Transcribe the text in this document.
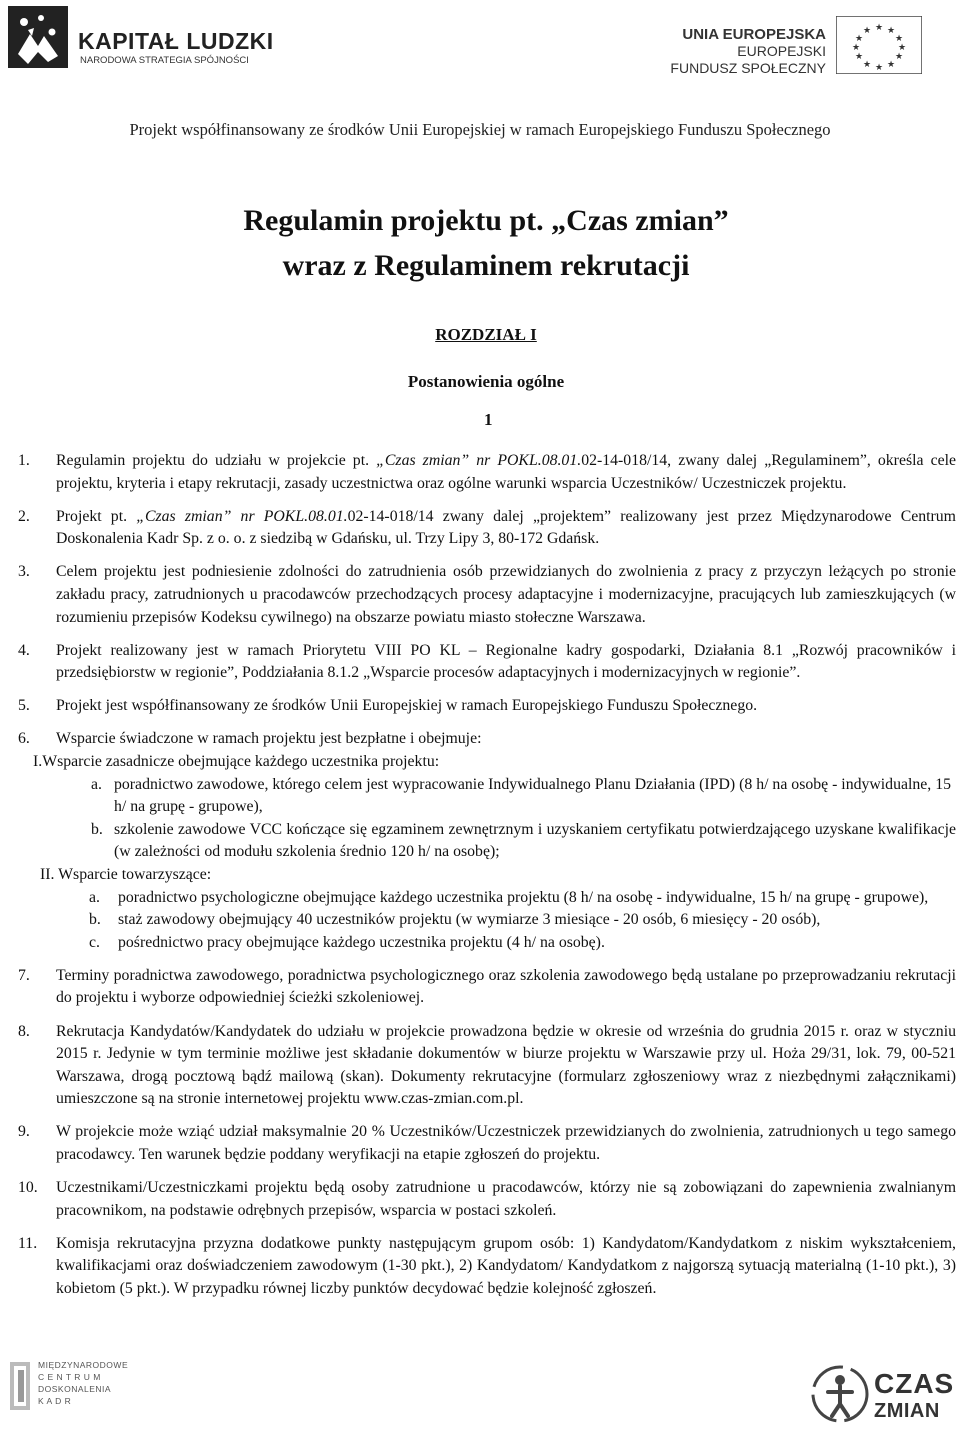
KAPITAŁ LUDZKI
NARODOWA STRATEGIA SPÓJNOŚCI
UNIA EUROPEJSKA
EUROPEJSKI
FUNDUSZ SPOŁECZNY
★ ★
★
★
★
★
★
★
★
★
★
★
Projekt współfinansowany ze środków Unii Europejskiej w ramach Europejskiego Funduszu Społecznego
Regulamin projektu pt. „Czas zmian”
wraz z Regulaminem rekrutacji
ROZDZIAŁ I
Postanowienia ogólne
1
1.	Regulamin projektu do udziału w projekcie pt. „Czas zmian” nr POKL.08.01.02-14-018/14, zwany dalej „Regulaminem”, określa cele projektu, kryteria i etapy rekrutacji, zasady uczestnictwa oraz ogólne warunki wsparcia Uczestników/ Uczestniczek projektu.
2.	Projekt pt. „Czas zmian” nr POKL.08.01.02-14-018/14 zwany dalej „projektem” realizowany jest przez Międzynarodowe Centrum Doskonalenia Kadr Sp. z o. o. z siedzibą w Gdańsku, ul. Trzy Lipy 3, 80-172 Gdańsk.
3.	Celem projektu jest podniesienie zdolności do zatrudnienia osób przewidzianych do zwolnienia z pracy z przyczyn leżących po stronie zakładu pracy, zatrudnionych u pracodawców przechodzących procesy adaptacyjne i modernizacyjne, pracujących lub zamieszkujących (w rozumieniu przepisów Kodeksu cywilnego) na obszarze powiatu miasto stołeczne Warszawa.
4.	Projekt realizowany jest w ramach Priorytetu VIII PO KL – Regionalne kadry gospodarki, Działania 8.1 „Rozwój pracowników i przedsiębiorstw w regionie”, Poddziałania 8.1.2 „Wsparcie procesów adaptacyjnych i modernizacyjnych w regionie”.
5.	Projekt jest współfinansowany ze środków Unii Europejskiej w ramach Europejskiego Funduszu Społecznego.
6.	Wsparcie świadczone w ramach projektu jest bezpłatne i obejmuje:
I.Wsparcie zasadnicze obejmujące każdego uczestnika projektu:
a. poradnictwo zawodowe, którego celem jest wypracowanie Indywidualnego Planu Działania (IPD) (8 h/ na osobę - indywidualne, 15 h/ na grupę - grupowe),
b. szkolenie zawodowe VCC kończące się egzaminem zewnętrznym i uzyskaniem certyfikatu potwierdzającego uzyskane kwalifikacje (w zależności od modułu szkolenia średnio 120 h/ na osobę);
II. Wsparcie towarzyszące:
a. poradnictwo psychologiczne obejmujące każdego uczestnika projektu (8 h/ na osobę - indywidualne, 15 h/ na grupę - grupowe),
b. staż zawodowy obejmujący 40 uczestników projektu (w wymiarze 3 miesiące - 20 osób, 6 miesięcy - 20 osób),
c. pośrednictwo pracy obejmujące każdego uczestnika projektu (4 h/ na osobę).
7.	Terminy poradnictwa zawodowego, poradnictwa psychologicznego oraz szkolenia zawodowego będą ustalane po przeprowadzaniu rekrutacji do projektu i wyborze odpowiedniej ścieżki szkoleniowej.
8.	Rekrutacja Kandydatów/Kandydatek do udziału w projekcie prowadzona będzie w okresie od września do grudnia 2015 r. oraz w styczniu 2015 r. Jedynie w tym terminie możliwe jest składanie dokumentów w biurze projektu w Warszawie przy ul. Hoża 29/31, lok. 79, 00-521 Warszawa, drogą pocztową bądź mailową (skan). Dokumenty rekrutacyjne (formularz zgłoszeniowy wraz z niezbędnymi załącznikami) umieszczone są na stronie internetowej projektu www.czas-zmian.com.pl.
9.	W projekcie może wziąć udział maksymalnie 20 % Uczestników/Uczestniczek przewidzianych do zwolnienia, zatrudnionych u tego samego pracodawcy. Ten warunek będzie poddany weryfikacji na etapie zgłoszeń do projektu.
10.	Uczestnikami/Uczestniczkami projektu będą osoby zatrudnione u pracodawców, którzy nie są zobowiązani do zapewnienia zwalnianym pracownikom, na podstawie odrębnych przepisów, wsparcia w postaci szkoleń.
11.	Komisja rekrutacyjna przyzna dodatkowe punkty następującym grupom osób: 1) Kandydatom/Kandydatkom z niskim wykształceniem, kwalifikacjami oraz doświadczeniem zawodowym (1-30 pkt.), 2) Kandydatom/ Kandydatkom z najgorszą sytuacją materialną (1-10 pkt.), 3) kobietom (5 pkt.). W przypadku równej liczby punktów decydować będzie kolejność zgłoszeń.
MIĘDZYNARODOWE
C E N T R U M
DOSKONALENIA
K A D R
CZAS
ZMIAN
